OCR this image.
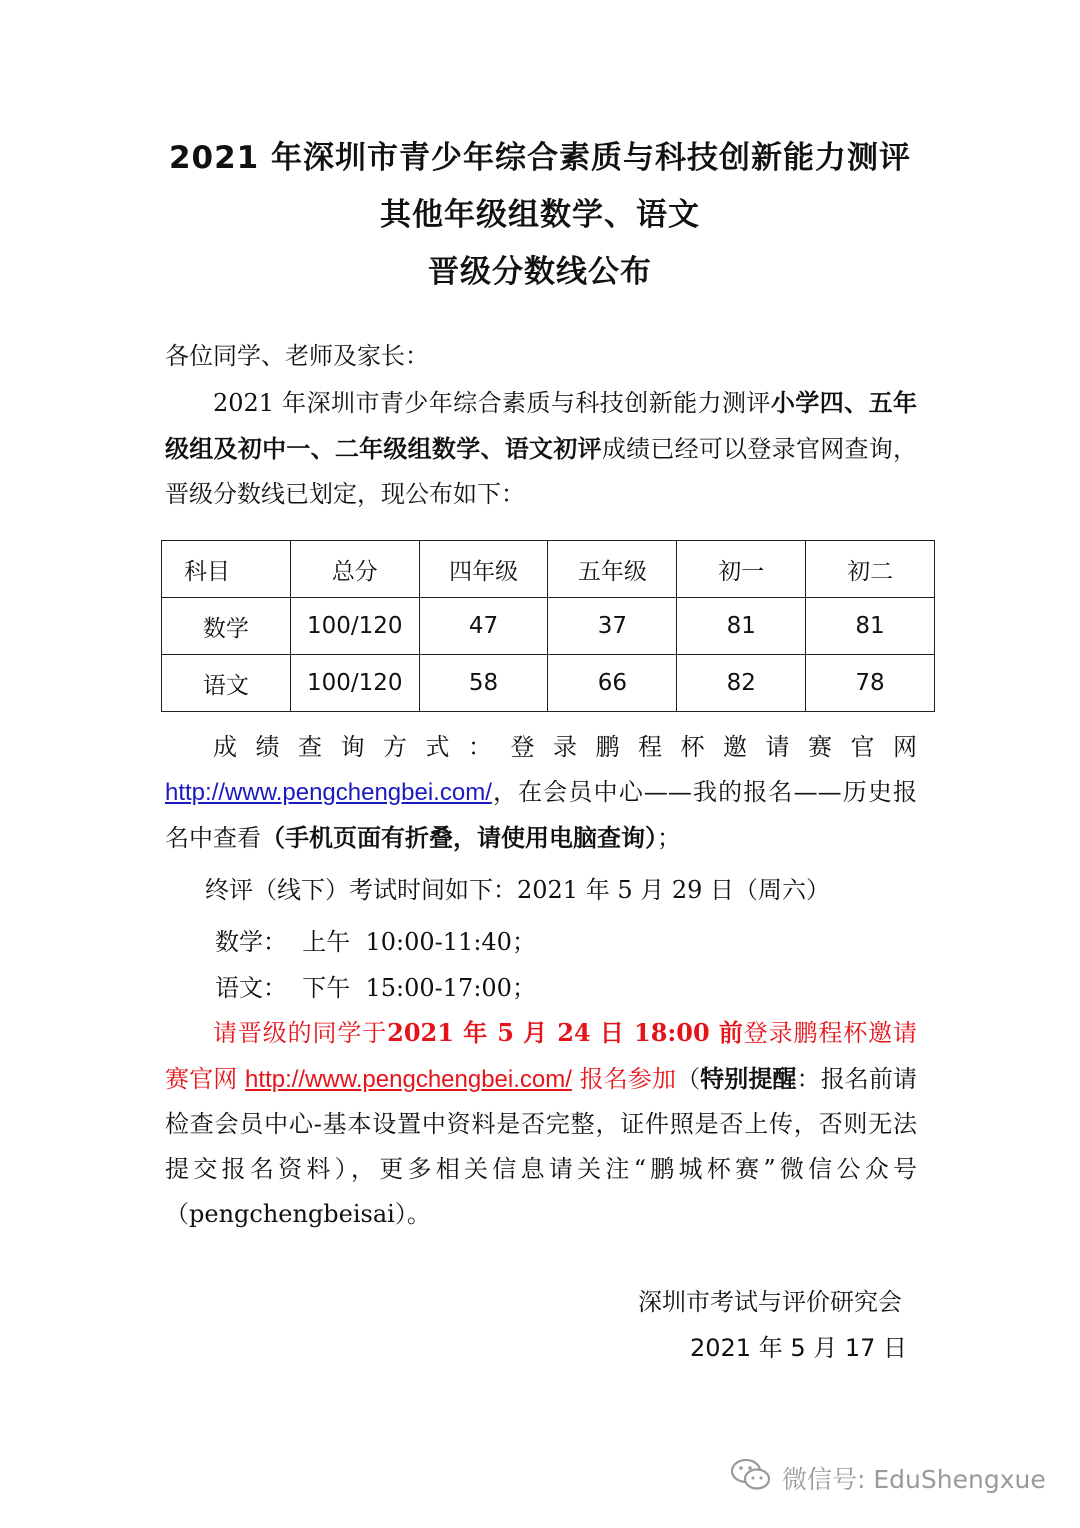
2021 年深圳市青少年综合素质与科技创新能力测评
其他年级组数学、语文
晋级分数线公布
各位同学、老师及家长：
2021 年深圳市青少年综合素质与科技创新能力测评小学四、五年级组及初中一、二年级组数学、语文初评成绩已经可以登录官网查询，晋级分数线已划定，现公布如下：
科目	总分	四年级	五年级	初一	初二
数学	100/120	47	37	81	81
语文	100/120	58	66	82	78
成 绩 查 询 方 式 ： 登 录 鹏 程 杯 邀 请 赛 官 网 http://www.pengchengbei.com/，在会员中心——我的报名——历史报名中查看（手机页面有折叠，请使用电脑查询）；
终评（线下）考试时间如下：2021 年 5 月 29 日（周六）
数学：  上午  10:00-11:40；
语文：  下午  15:00-17:00；
请晋级的同学于2021 年 5 月 24 日 18:00 前登录鹏程杯邀请赛官网 http://www.pengchengbei.com/ 报名参加（特别提醒：报名前请检查会员中心-基本设置中资料是否完整，证件照是否上传，否则无法提交报名资料），更多相关信息请关注“鹏城杯赛”微信公众号（pengchengbeisai）。
深圳市考试与评价研究会
2021 年 5 月 17 日
微信号: EduShengxue
